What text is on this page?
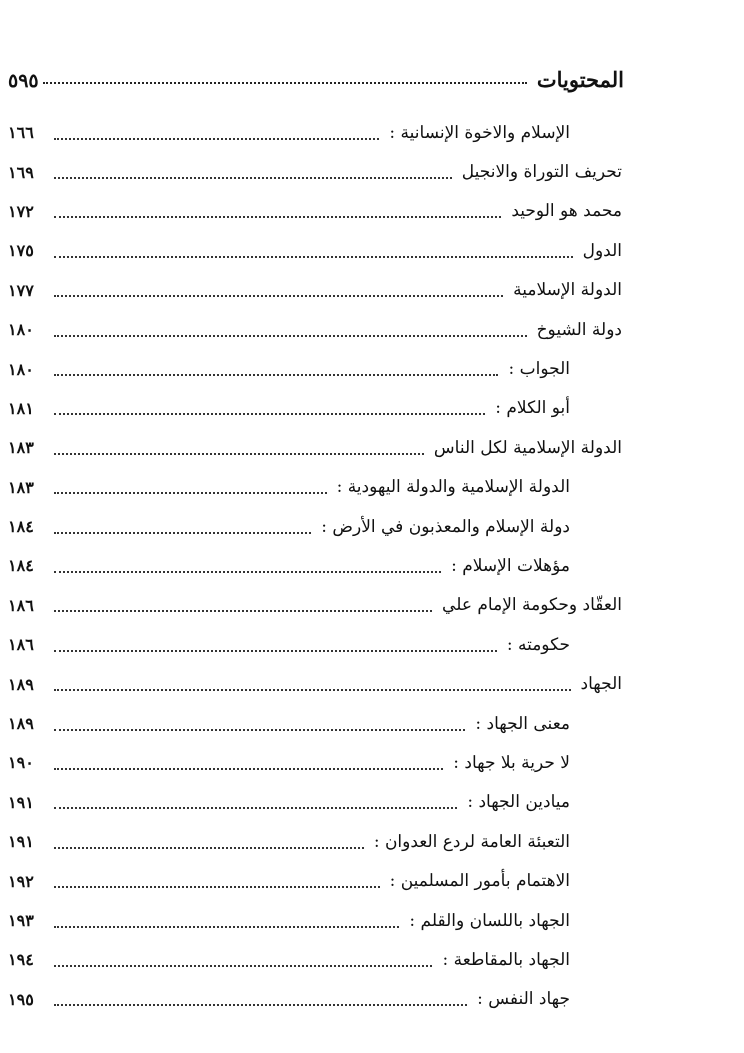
المحتويات
٥٩٥
الإسلام والاخوة الإنسانية :
١٦٦
تحريف التوراة والانجيل
١٦٩
محمد هو الوحيد
١٧٢
الدول
١٧٥
الدولة الإسلامية
١٧٧
دولة الشيوخ
١٨٠
الجواب :
١٨٠
أبو الكلام :
١٨١
الدولة الإسلامية لكل الناس
١٨٣
الدولة الإسلامية والدولة اليهودية :
١٨٣
دولة الإسلام والمعذبون في الأرض :
١٨٤
مؤهلات الإسلام :
١٨٤
العقّاد وحكومة الإمام علي
١٨٦
حكومته :
١٨٦
الجهاد
١٨٩
معنى الجهاد :
١٨٩
لا حرية بلا جهاد :
١٩٠
ميادين الجهاد :
١٩١
التعبئة العامة لردع العدوان :
١٩١
الاهتمام بأمور المسلمين :
١٩٢
الجهاد باللسان والقلم :
١٩٣
الجهاد بالمقاطعة :
١٩٤
جهاد النفس :
١٩٥
